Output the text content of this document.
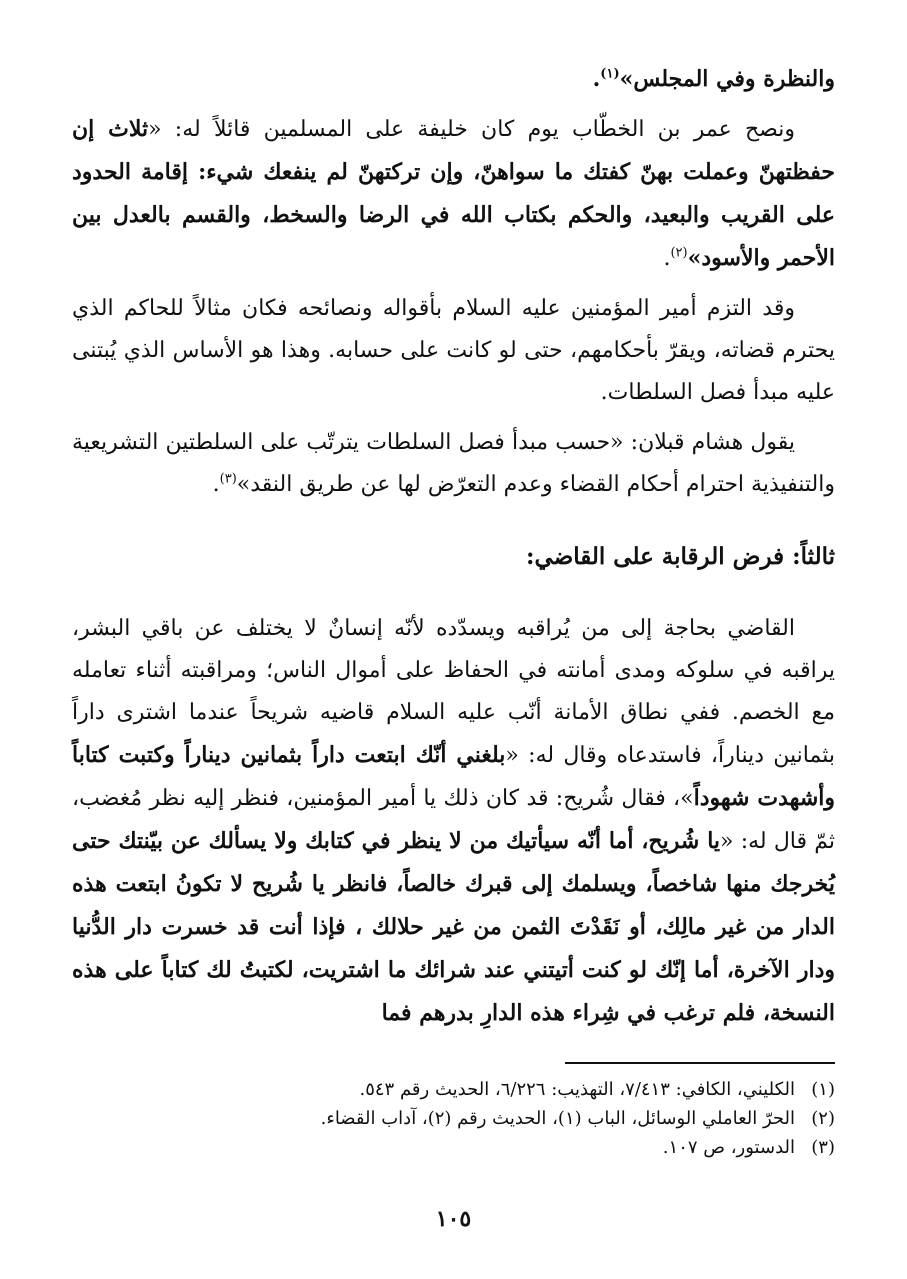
والنظرة وفي المجلس»$^{(١)}$.

ونصح عمر بن الخطّاب يوم كان خليفة على المسلمين قائلاً له: «ثلاث إن حفظتهنّ وعملت بهنّ كفتك ما سواهنّ، وإن تركتهنّ لم ينفعك شيء: إقامة الحدود على القريب والبعيد، والحكم بكتاب الله في الرضا والسخط، والقسم بالعدل بين الأحمر والأسود»$^{(٢)}$.

وقد التزم أمير المؤمنين عليه السلام بأقواله ونصائحه فكان مثالاً للحاكم الذي يحترم قضاته، ويقرّ بأحكامهم، حتى لو كانت على حسابه. وهذا هو الأساس الذي يُبتنى عليه مبدأ فصل السلطات.

يقول هشام قبلان: «حسب مبدأ فصل السلطات يترتّب على السلطتين التشريعية والتنفيذية احترام أحكام القضاء وعدم التعرّض لها عن طريق النقد»$^{(٣)}$.

ثالثاً: فرض الرقابة على القاضي:

القاضي بحاجة إلى من يُراقبه ويسدّده لأنّه إنسانٌ لا يختلف عن باقي البشر، يراقبه في سلوكه ومدى أمانته في الحفاظ على أموال الناس؛ ومراقبته أثناء تعامله مع الخصم. ففي نطاق الأمانة أنّب عليه السلام قاضيه شريحاً عندما اشترى داراً بثمانين ديناراً، فاستدعاه وقال له: «بلغني أنّك ابتعت داراً بثمانين ديناراً وكتبت كتاباً وأشهدت شهوداً»، فقال شُريح: قد كان ذلك يا أمير المؤمنين، فنظر إليه نظر مُغضب، ثمّ قال له: «يا شُريح، أما أنّه سيأتيك من لا ينظر في كتابك ولا يسألك عن بيّنتك حتى يُخرجك منها شاخصاً، ويسلمك إلى قبرك خالصاً، فانظر يا شُريح لا تكونُ ابتعت هذه الدار من غير مالِك، أو نَقَدْتَ الثمن من غير حلالك ، فإذا أنت قد خسرت دار الدُّنيا ودار الآخرة، أما إنّك لو كنت أتيتني عند شرائك ما اشتريت، لكتبتُ لك كتاباً على هذه النسخة، فلم ترغب في شِراء هذه الدارِ بدرهم فما

(١)الكليني، الكافي: ٧/٤١٣، التهذيب: ٦/٢٢٦، الحديث رقم ٥٤٣.

(٢)الحرّ العاملي الوسائل، الباب (١)، الحديث رقم (٢)، آداب القضاء.

(٣)الدستور، ص ١٠٧.

١٠٥
